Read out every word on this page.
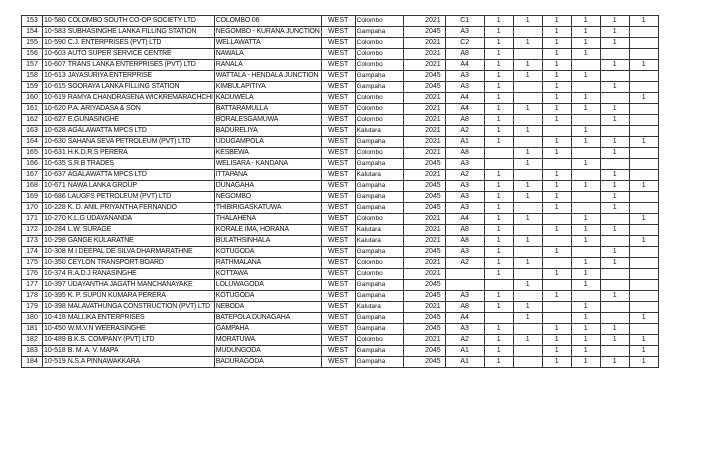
153	10-580	COLOMBO SOUTH CO-OP SOCIETY LTD	COLOMBO 06	WEST	Colombo	2021	C1	1	1	1	1	1	1
154	10-583	SUBHASINGHE LANKA FILLING STATION	NEGOMBO - KURANA JUNCTION	WEST	Gampaha	2045	A3	1		1	1	1	
155	10-590	C.J. ENTERPRISES (PVT) LTD	WELLAWATTA	WEST	Colombo	2021	C2	1	1	1	1	1	
156	10-603	AUTO SUPER SERVICE CENTRE	NAWALA	WEST	Colombo	2021	A8	1		1	1		
157	10-607	TRANS LANKA ENTERPRISES (PVT) LTD	RANALA	WEST	Colombo	2021	A4	1	1	1		1	1
158	10-613	JAYASURIYA ENTERPRISE	WATTALA - HENDALA JUNCTION	WEST	Gampaha	2045	A3	1	1	1	1		
159	10-615	SOORAYA LANKA FILLING STATION	KIMBULAPITIYA	WEST	Gampaha	2045	A3	1		1		1	
160	10-619	RAMYA CHANDRASENA WICKREMARACHCHI	KADUWELA	WEST	Colombo	2021	A4	1		1	1		1
161	10-620	P.A. ARIYADASA & SON	BATTARAMULLA	WEST	Colombo	2021	A4	1	1	1	1	1	
162	10-627	E.GUNASINGHE	BORALESGAMUWA	WEST	Colombo	2021	A8	1		1		1	
163	10-628	AGALAWATTA MPCS LTD	BADURELIYA	WEST	Kalutara	2021	A2	1	1		1		
164	10-630	SAHANA SEVA PETROLEUM (PVT) LTD	UDUGAMPOLA	WEST	Gampaha	2021	A1	1		1	1	1	1
165	10-631	H.K.D.R.S PERERA	KESBEWA	WEST	Colombo	2021	A8		1	1		1	
166	10-635	S.R.B TRADES	WELISARA - KANDANA	WEST	Gampaha	2045	A3		1		1		
167	10-637	AGALAWATTA MPCS LTD	ITTAPANA	WEST	Kalutara	2021	A2	1		1		1	
168	10-671	NAWA LANKA GROUP	DUNAGAHA	WEST	Gampaha	2045	A3	1	1	1	1	1	1
169	10-686	LAUGFS PETROLEUM (PVT) LTD	NEGOMBO	WEST	Gampaha	2045	A3	1	1	1		1	
170	10-228	K. D. ANIL PRIYANTHA FERNANDO	THIBIRIGASKATUWA	WEST	Gampaha	2045	A3	1		1		1	
171	10-270	K.L.G UDAYANANDA	THALAHENA	WEST	Colombo	2021	A4	1	1		1		1
172	10-284	L.W. SURAGE	KORALE IMA, HORANA	WEST	Kalutara	2021	A8	1		1	1	1	
173	10-298	GANGE KULARATNE	BULATHSINHALA	WEST	Kalutara	2021	A8	1	1		1		1
174	10-308	M.I DEEPAL DE SILVA DHARMARATHNE	KOTUGODA	WEST	Gampaha	2045	A3	1		1		1	
175	10-350	CEYLON TRANSPORT BOARD	RATHMALANA	WEST	Colombo	2021	A2	1	1		1	1	
176	10-374	R.A.D.J RANASINGHE	KOTTAWA	WEST	Colombo	2021		1		1	1		
177	10-397	UDAYANTHA JAGATH MANCHANAYAKE	LOLUWAGODA	WEST	Gampaha	2045			1		1		
178	10-395	K. P. SUPUN KUMARA PERERA	KOTUGODA	WEST	Gampaha	2045	A3	1		1		1	
179	10-398	MALAVATHUNGA CONSTRUCTION (PVT) LTD	NEBODA	WEST	Kalutara	2021	A8	1	1		1		
180	10-418	MALLIKA ENTERPRISES	BATEPOLA DUNAGAHA	WEST	Gampaha	2045	A4		1		1		1
181	10-450	W.M.V.N WEERASINGHE	GAMPAHA	WEST	Gampaha	2045	A3	1		1	1	1	
182	10-489	B.K.S. COMPANY (PVT) LTD	MORATUWA	WEST	Colombo	2021	A2	1	1	1	1	1	1
183	10-518	B. M. A. V. MAPA	MUDUNGODA	WEST	Gampaha	2045	A1	1		1	1		1
184	10-519	N.S.A PINNAWAKKARA	BADURAGODA	WEST	Gampaha	2045	A1	1		1	1	1	1
